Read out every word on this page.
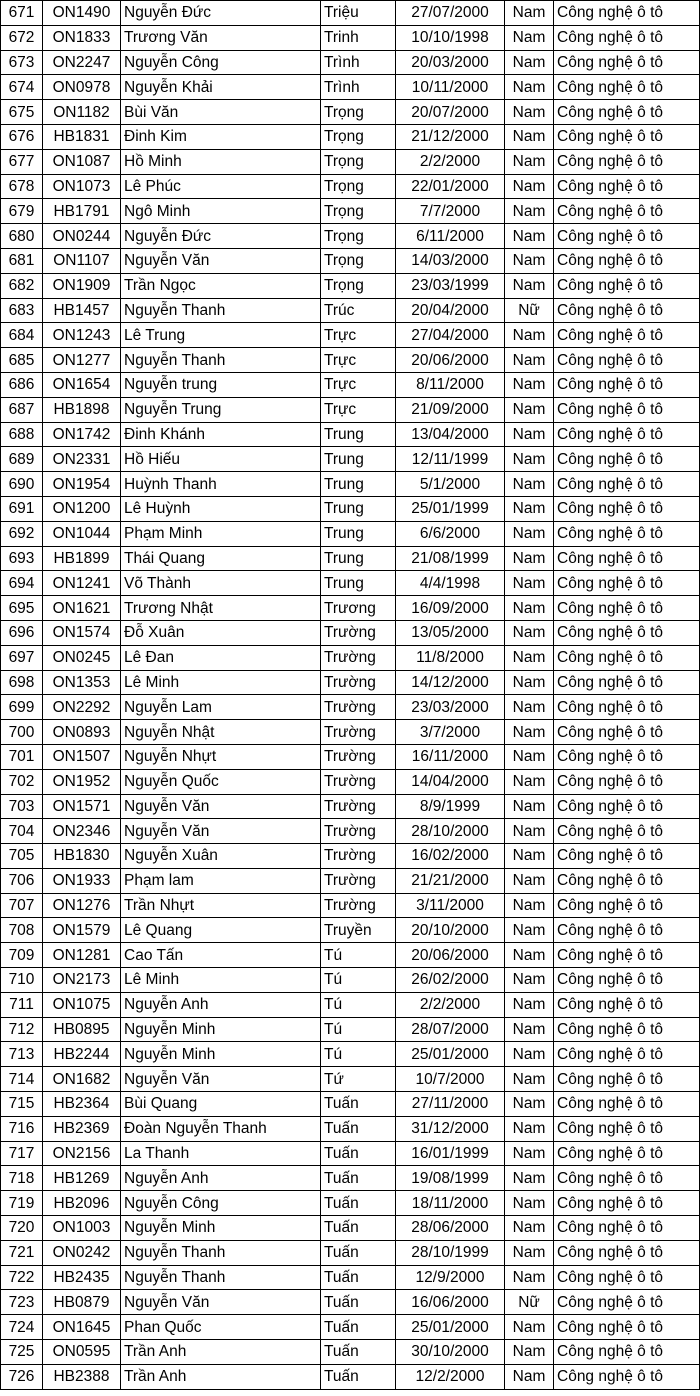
671	ON1490	Nguyễn Đức	Triệu	27/07/2000	Nam	Công nghệ ô tô
672	ON1833	Trương Văn	Trinh	10/10/1998	Nam	Công nghệ ô tô
673	ON2247	Nguyễn Công	Trình	20/03/2000	Nam	Công nghệ ô tô
674	ON0978	Nguyễn Khải	Trình	10/11/2000	Nam	Công nghệ ô tô
675	ON1182	Bùi Văn	Trọng	20/07/2000	Nam	Công nghệ ô tô
676	HB1831	Đinh Kim	Trọng	21/12/2000	Nam	Công nghệ ô tô
677	ON1087	Hồ Minh	Trọng	2/2/2000	Nam	Công nghệ ô tô
678	ON1073	Lê Phúc	Trọng	22/01/2000	Nam	Công nghệ ô tô
679	HB1791	Ngô Minh	Trọng	7/7/2000	Nam	Công nghệ ô tô
680	ON0244	Nguyễn Đức	Trọng	6/11/2000	Nam	Công nghệ ô tô
681	ON1107	Nguyễn Văn	Trọng	14/03/2000	Nam	Công nghệ ô tô
682	ON1909	Trần Ngọc	Trọng	23/03/1999	Nam	Công nghệ ô tô
683	HB1457	Nguyễn Thanh	Trúc	20/04/2000	Nữ	Công nghệ ô tô
684	ON1243	Lê Trung	Trực	27/04/2000	Nam	Công nghệ ô tô
685	ON1277	Nguyễn Thanh	Trực	20/06/2000	Nam	Công nghệ ô tô
686	ON1654	Nguyễn trung	Trực	8/11/2000	Nam	Công nghệ ô tô
687	HB1898	Nguyễn Trung	Trực	21/09/2000	Nam	Công nghệ ô tô
688	ON1742	Đinh Khánh	Trung	13/04/2000	Nam	Công nghệ ô tô
689	ON2331	Hồ Hiếu	Trung	12/11/1999	Nam	Công nghệ ô tô
690	ON1954	Huỳnh Thanh	Trung	5/1/2000	Nam	Công nghệ ô tô
691	ON1200	Lê Huỳnh	Trung	25/01/1999	Nam	Công nghệ ô tô
692	ON1044	Phạm Minh	Trung	6/6/2000	Nam	Công nghệ ô tô
693	HB1899	Thái Quang	Trung	21/08/1999	Nam	Công nghệ ô tô
694	ON1241	Võ Thành	Trung	4/4/1998	Nam	Công nghệ ô tô
695	ON1621	Trương Nhật	Trương	16/09/2000	Nam	Công nghệ ô tô
696	ON1574	Đỗ Xuân	Trường	13/05/2000	Nam	Công nghệ ô tô
697	ON0245	Lê Đan	Trường	11/8/2000	Nam	Công nghệ ô tô
698	ON1353	Lê Minh	Trường	14/12/2000	Nam	Công nghệ ô tô
699	ON2292	Nguyễn Lam	Trường	23/03/2000	Nam	Công nghệ ô tô
700	ON0893	Nguyễn Nhật	Trường	3/7/2000	Nam	Công nghệ ô tô
701	ON1507	Nguyễn Nhựt	Trường	16/11/2000	Nam	Công nghệ ô tô
702	ON1952	Nguyễn Quốc	Trường	14/04/2000	Nam	Công nghệ ô tô
703	ON1571	Nguyễn Văn	Trường	8/9/1999	Nam	Công nghệ ô tô
704	ON2346	Nguyễn Văn	Trường	28/10/2000	Nam	Công nghệ ô tô
705	HB1830	Nguyễn Xuân	Trường	16/02/2000	Nam	Công nghệ ô tô
706	ON1933	Phạm lam	Trường	21/21/2000	Nam	Công nghệ ô tô
707	ON1276	Trần Nhựt	Trường	3/11/2000	Nam	Công nghệ ô tô
708	ON1579	Lê Quang	Truyền	20/10/2000	Nam	Công nghệ ô tô
709	ON1281	Cao Tấn	Tú	20/06/2000	Nam	Công nghệ ô tô
710	ON2173	Lê Minh	Tú	26/02/2000	Nam	Công nghệ ô tô
711	ON1075	Nguyễn Anh	Tú	2/2/2000	Nam	Công nghệ ô tô
712	HB0895	Nguyễn Minh	Tú	28/07/2000	Nam	Công nghệ ô tô
713	HB2244	Nguyễn Minh	Tú	25/01/2000	Nam	Công nghệ ô tô
714	ON1682	Nguyễn Văn	Tứ	10/7/2000	Nam	Công nghệ ô tô
715	HB2364	Bùi Quang	Tuấn	27/11/2000	Nam	Công nghệ ô tô
716	HB2369	Đoàn Nguyễn Thanh	Tuấn	31/12/2000	Nam	Công nghệ ô tô
717	ON2156	La Thanh	Tuấn	16/01/1999	Nam	Công nghệ ô tô
718	HB1269	Nguyễn Anh	Tuấn	19/08/1999	Nam	Công nghệ ô tô
719	HB2096	Nguyễn Công	Tuấn	18/11/2000	Nam	Công nghệ ô tô
720	ON1003	Nguyễn Minh	Tuấn	28/06/2000	Nam	Công nghệ ô tô
721	ON0242	Nguyễn Thanh	Tuấn	28/10/1999	Nam	Công nghệ ô tô
722	HB2435	Nguyễn Thanh	Tuấn	12/9/2000	Nam	Công nghệ ô tô
723	HB0879	Nguyễn Văn	Tuấn	16/06/2000	Nữ	Công nghệ ô tô
724	ON1645	Phan Quốc	Tuấn	25/01/2000	Nam	Công nghệ ô tô
725	ON0595	Trần Anh	Tuấn	30/10/2000	Nam	Công nghệ ô tô
726	HB2388	Trần Anh	Tuấn	12/2/2000	Nam	Công nghệ ô tô
